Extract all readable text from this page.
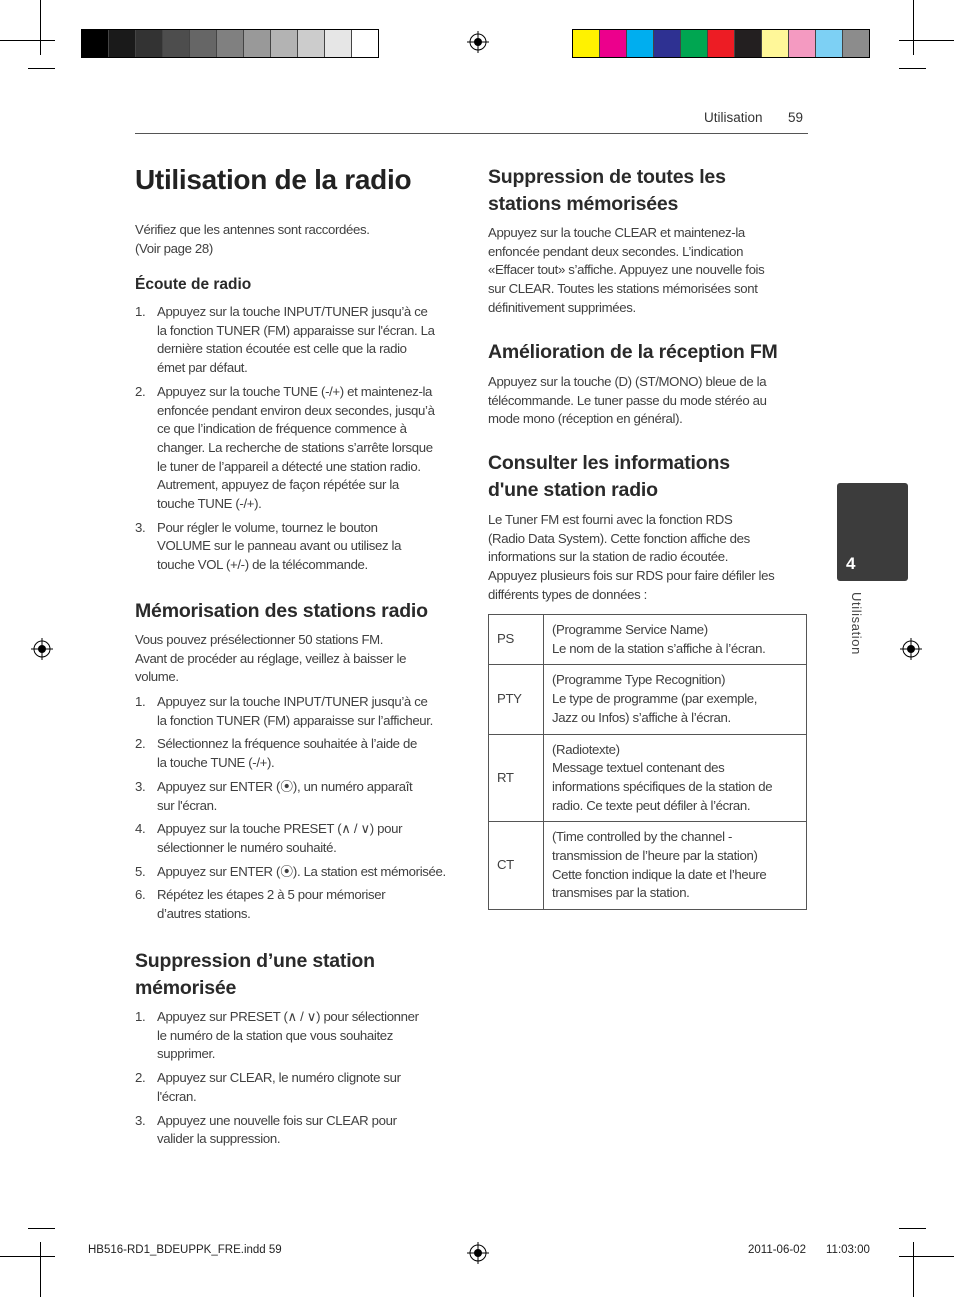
Utilisation 59
Utilisation de la radio

Vérifiez que les antennes sont raccordées.
(Voir page 28)

Écoute de radio
1. Appuyez sur la touche INPUT/TUNER jusqu’à ce
la fonction TUNER (FM) apparaisse sur l'écran. La
dernière station écoutée est celle que la radio
émet par défaut.
2. Appuyez sur la touche TUNE (-/+) et maintenez-la
enfoncée pendant environ deux secondes, jusqu’à
ce que l’indication de fréquence commence à
changer. La recherche de stations s’arrête lorsque
le tuner de l’appareil a détecté une station radio.
Autrement, appuyez de façon répétée sur la
touche TUNE (-/+).
3. Pour régler le volume, tournez le bouton
VOLUME sur le panneau avant ou utilisez la
touche VOL (+/-) de la télécommande.
Mémorisation des stations radio

Vous pouvez présélectionner 50 stations FM.
Avant de procéder au réglage, veillez à baisser le
volume.

1. Appuyez sur la touche INPUT/TUNER jusqu’à ce
la fonction TUNER (FM) apparaisse sur l’afficheur.
2. Sélectionnez la fréquence souhaitée à l’aide de
la touche TUNE (-/+).
3. Appuyez sur ENTER (⦿), un numéro apparaît
sur l'écran.
4. Appuyez sur la touche PRESET (∧ / ∨) pour
sélectionner le numéro souhaité.
5. Appuyez sur ENTER (⦿). La station est mémorisée.
6. Répétez les étapes 2 à 5 pour mémoriser
d’autres stations.
Suppression d’une station
mémorisée
1. Appuyez sur PRESET (∧ / ∨) pour sélectionner
le numéro de la station que vous souhaitez
supprimer.
2. Appuyez sur CLEAR, le numéro clignote sur
l'écran.
3. Appuyez une nouvelle fois sur CLEAR pour
valider la suppression.
Suppression de toutes les
stations mémorisées

Appuyez sur la touche CLEAR et maintenez-la
enfoncée pendant deux secondes. L’indication
«Effacer tout» s’affiche. Appuyez une nouvelle fois
sur CLEAR. Toutes les stations mémorisées sont
définitivement supprimées.

Amélioration de la réception FM

Appuyez sur la touche (D) (ST/MONO) bleue de la
télécommande. Le tuner passe du mode stéréo au
mode mono (réception en général).

Consulter les informations
d'une station radio

Le Tuner FM est fourni avec la fonction RDS
(Radio Data System). Cette fonction affiche des
informations sur la station de radio écoutée.
Appuyez plusieurs fois sur RDS pour faire défiler les
différents types de données :

PS	(Programme Service Name)
Le nom de la station s’affiche à l’écran.
PTY	(Programme Type Recognition)
Le type de programme (par exemple,
Jazz ou Infos) s’affiche à l’écran.
RT	(Radiotexte)
Message textuel contenant des
informations spécifiques de la station de
radio. Ce texte peut défiler à l’écran.
CT	(Time controlled by the channel -
transmission de l’heure par la station)
Cette fonction indique la date et l’heure
transmises par la station.
4
Utilisation
HB516-RD1_BDEUPPK_FRE.indd 59	2011-06-02 11:03:00
